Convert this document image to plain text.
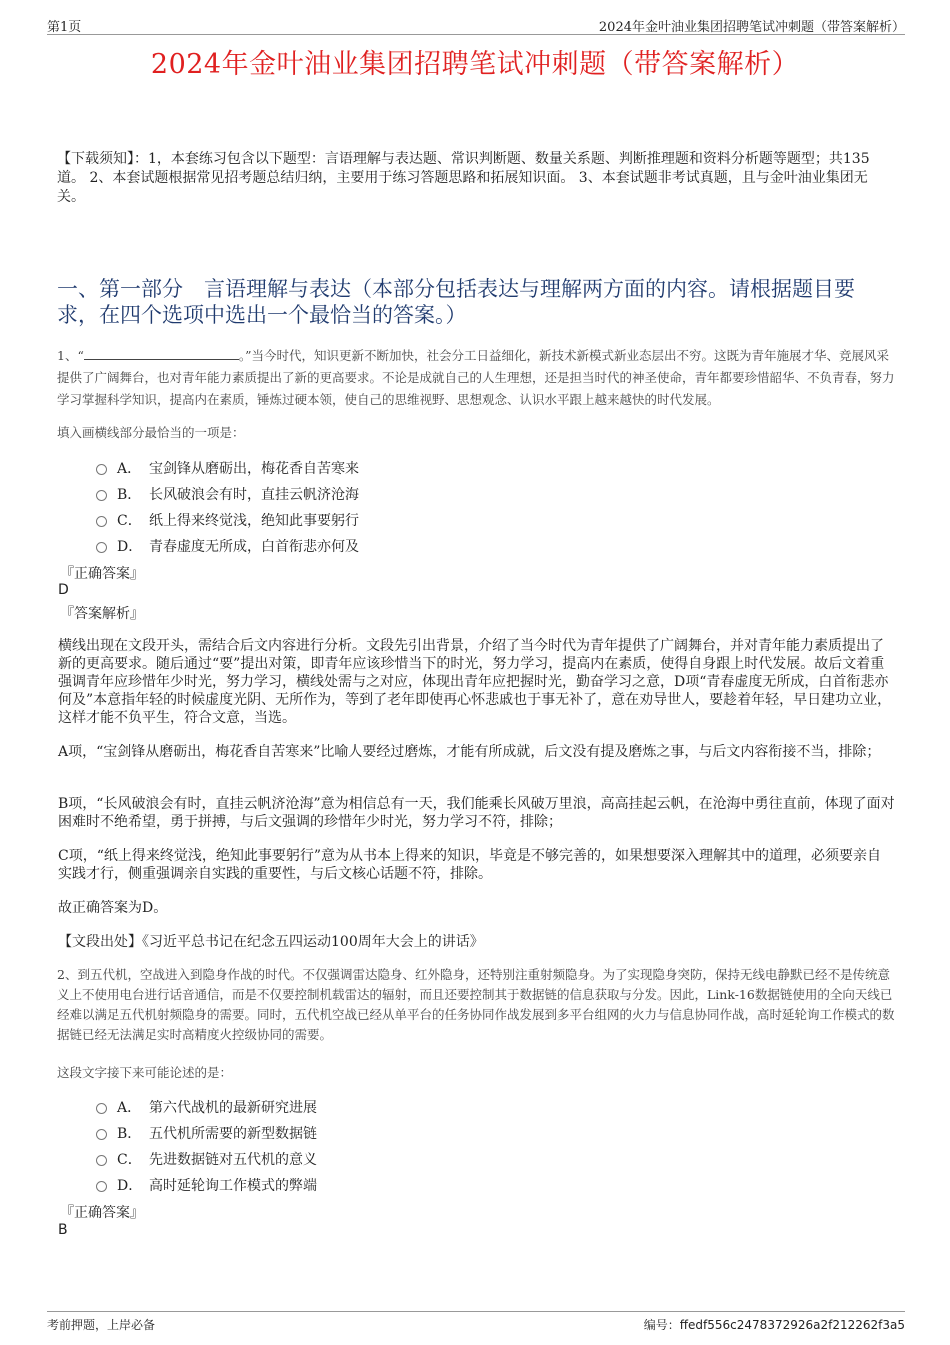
第1页	2024年金叶油业集团招聘笔试冲刺题（带答案解析）
2024年金叶油业集团招聘笔试冲刺题（带答案解析）
【下载须知】：1，本套练习包含以下题型：言语理解与表达题、常识判断题、数量关系题、判断推理题和资料分析题等题型；共135道。 2、本套试题根据常见招考题总结归纳，主要用于练习答题思路和拓展知识面。 3、本套试题非考试真题，且与金叶油业集团无关。
一、第一部分　言语理解与表达（本部分包括表达与理解两方面的内容。请根据题目要求，在四个选项中选出一个最恰当的答案。）
1、“	。”当今时代，知识更新不断加快，社会分工日益细化，新技术新模式新业态层出不穷。这既为青年施展才华、竞展风采提供了广阔舞台，也对青年能力素质提出了新的更高要求。不论是成就自己的人生理想，还是担当时代的神圣使命，青年都要珍惜韶华、不负青春，努力学习掌握科学知识，提高内在素质，锤炼过硬本领，使自己的思维视野、思想观念、认识水平跟上越来越快的时代发展。
填入画横线部分最恰当的一项是：
A． 宝剑锋从磨砺出，梅花香自苦寒来
B． 长风破浪会有时，直挂云帆济沧海
C． 纸上得来终觉浅，绝知此事要躬行
D． 青春虚度无所成，白首衔悲亦何及
『正确答案』
D
『答案解析』
横线出现在文段开头，需结合后文内容进行分析。文段先引出背景，介绍了当今时代为青年提供了广阔舞台，并对青年能力素质提出了新的更高要求。随后通过“要”提出对策，即青年应该珍惜当下的时光，努力学习，提高内在素质，使得自身跟上时代发展。故后文着重强调青年应珍惜年少时光，努力学习，横线处需与之对应，体现出青年应把握时光，勤奋学习之意，D项“青春虚度无所成，白首衔悲亦何及”本意指年轻的时候虚度光阴、无所作为，等到了老年即使再心怀悲戚也于事无补了，意在劝导世人，要趁着年轻，早日建功立业，这样才能不负平生，符合文意，当选。
A项，“宝剑锋从磨砺出，梅花香自苦寒来”比喻人要经过磨炼，才能有所成就，后文没有提及磨炼之事，与后文内容衔接不当，排除；
B项，“长风破浪会有时，直挂云帆济沧海”意为相信总有一天，我们能乘长风破万里浪，高高挂起云帆，在沧海中勇往直前，体现了面对困难时不绝希望，勇于拼搏，与后文强调的珍惜年少时光，努力学习不符，排除；
C项，“纸上得来终觉浅，绝知此事要躬行”意为从书本上得来的知识，毕竟是不够完善的，如果想要深入理解其中的道理，必须要亲自实践才行，侧重强调亲自实践的重要性，与后文核心话题不符，排除。
故正确答案为D。
【文段出处】《习近平总书记在纪念五四运动100周年大会上的讲话》
2、到五代机，空战进入到隐身作战的时代。不仅强调雷达隐身、红外隐身，还特别注重射频隐身。为了实现隐身突防，保持无线电静默已经不是传统意义上不使用电台进行话音通信，而是不仅要控制机载雷达的辐射，而且还要控制其于数据链的信息获取与分发。因此，Link-16数据链使用的全向天线已经难以满足五代机射频隐身的需要。同时，五代机空战已经从单平台的任务协同作战发展到多平台组网的火力与信息协同作战，高时延轮询工作模式的数据链已经无法满足实时高精度火控级协同的需要。
这段文字接下来可能论述的是：
A． 第六代战机的最新研究进展
B． 五代机所需要的新型数据链
C． 先进数据链对五代机的意义
D． 高时延轮询工作模式的弊端
『正确答案』
B
考前押题，上岸必备	编号：ffedf556c2478372926a2f212262f3a5
